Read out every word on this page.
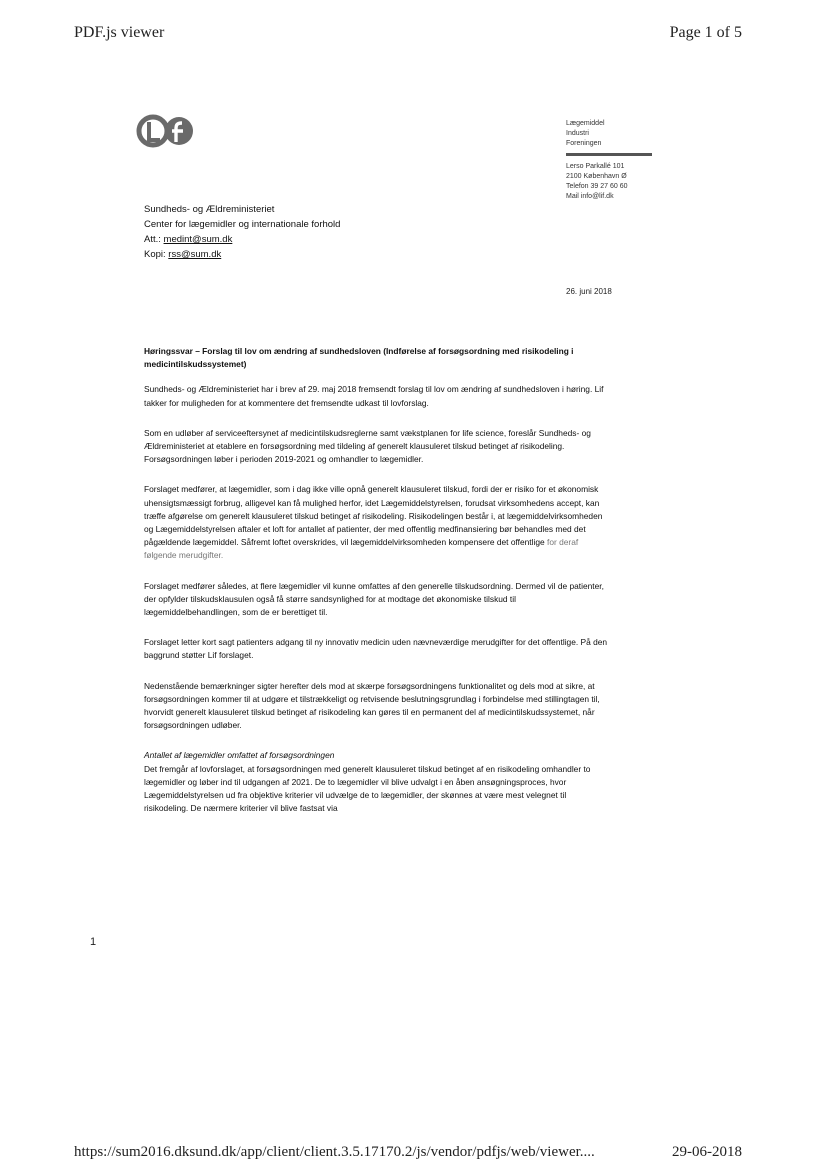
PDF.js viewer	Page 1 of 5
Lægemiddel
Industri
Foreningen
Lerso Parkallé 101
2100 København Ø
Telefon 39 27 60 60
Mail info@lif.dk
Sundheds- og Ældreministeriet
Center for lægemidler og internationale forhold
Att.: medint@sum.dk
Kopi: rss@sum.dk
26. juni 2018

Høringssvar – Forslag til lov om ændring af sundhedsloven (Indførelse af forsøgsordning med risikodeling i medicintilskudssystemet)

Sundheds- og Ældreministeriet har i brev af 29. maj 2018 fremsendt forslag til lov om ændring af sundhedsloven i høring. Lif takker for muligheden for at kommentere det fremsendte udkast til lovforslag.

Som en udløber af serviceeftersynet af medicintilskudsreglerne samt vækstplanen for life science, foreslår Sundheds- og Ældreministeriet at etablere en forsøgsordning med tildeling af generelt klausuleret tilskud betinget af risikodeling. Forsøgsordningen løber i perioden 2019-2021 og omhandler to lægemidler.

Forslaget medfører, at lægemidler, som i dag ikke ville opnå generelt klausuleret tilskud, fordi der er risiko for et økonomisk uhensigtsmæssigt forbrug, alligevel kan få mulighed herfor, idet Lægemiddelstyrelsen, forudsat virksomhedens accept, kan træffe afgørelse om generelt klausuleret tilskud betinget af risikodeling. Risikodelingen består i, at lægemiddelvirksomheden og Lægemiddelstyrelsen aftaler et loft for antallet af patienter, der med offentlig medfinansiering bør behandles med det pågældende lægemiddel. Såfremt loftet overskrides, vil lægemiddelvirksomheden kompensere det offentlige for deraf følgende merudgifter.

Forslaget medfører således, at flere lægemidler vil kunne omfattes af den generelle tilskudsordning. Dermed vil de patienter, der opfylder tilskudsklausulen også få større sandsynlighed for at modtage det økonomiske tilskud til lægemiddelbehandlingen, som de er berettiget til.

Forslaget letter kort sagt patienters adgang til ny innovativ medicin uden nævneværdige merudgifter for det offentlige. På den baggrund støtter Lif forslaget.

Nedenstående bemærkninger sigter herefter dels mod at skærpe forsøgsordningens funktionalitet og dels mod at sikre, at forsøgsordningen kommer til at udgøre et tilstrækkeligt og retvisende beslutningsgrundlag i forbindelse med stillingtagen til, hvorvidt generelt klausuleret tilskud betinget af risikodeling kan gøres til en permanent del af medicintilskudssystemet, når forsøgsordningen udløber.

Antallet af lægemidler omfattet af forsøgsordningen

Det fremgår af lovforslaget, at forsøgsordningen med generelt klausuleret tilskud betinget af en risikodeling omhandler to lægemidler og løber ind til udgangen af 2021. De to lægemidler vil blive udvalgt i en åben ansøgningsproces, hvor Lægemiddelstyrelsen ud fra objektive kriterier vil udvælge de to lægemidler, der skønnes at være mest velegnet til risikodeling. De nærmere kriterier vil blive fastsat via

1
https://sum2016.dksund.dk/app/client/client.3.5.17170.2/js/vendor/pdfjs/web/viewer....	29-06-2018
